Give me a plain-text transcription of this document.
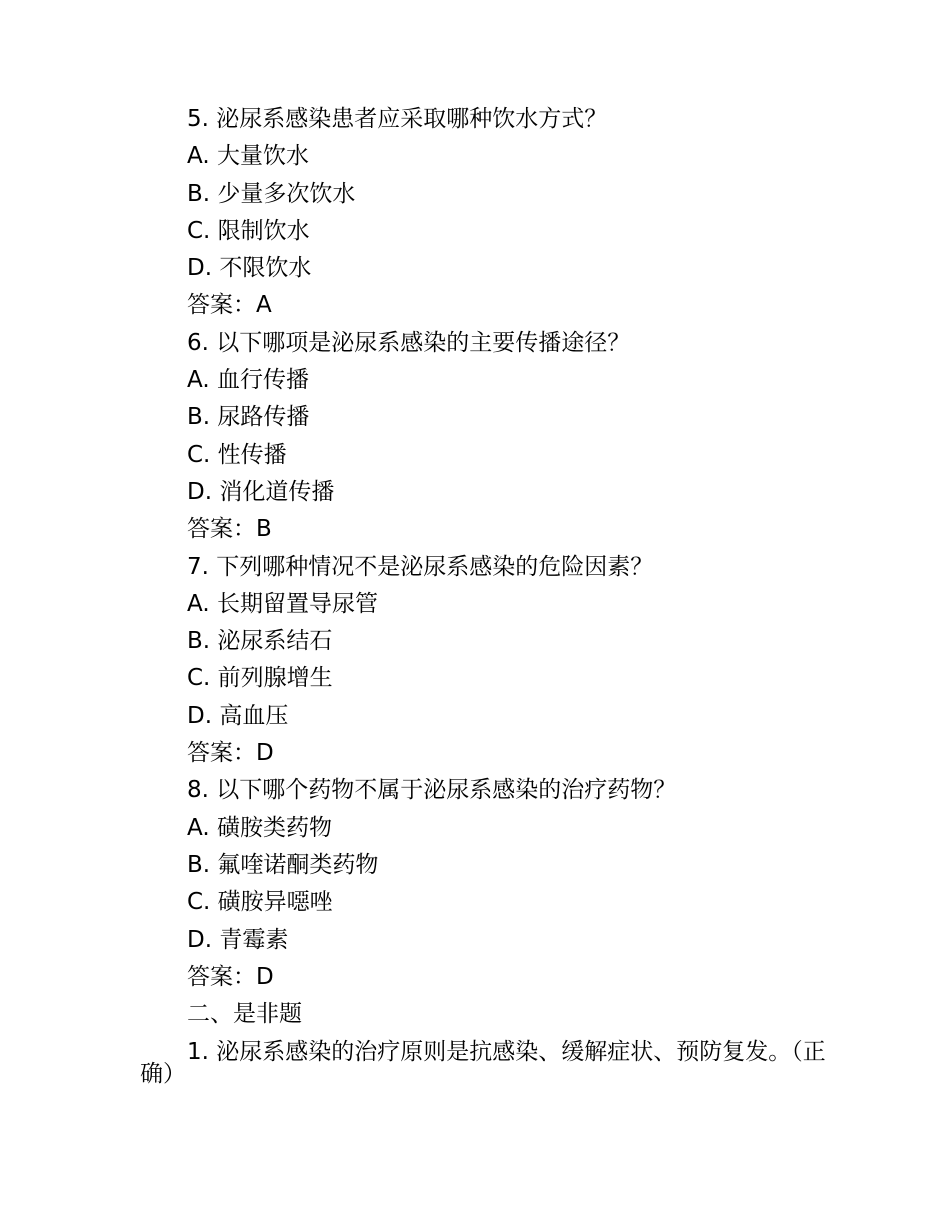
5. 泌尿系感染患者应采取哪种饮水方式？
A. 大量饮水
B. 少量多次饮水
C. 限制饮水
D. 不限饮水
答案：A
6. 以下哪项是泌尿系感染的主要传播途径？
A. 血行传播
B. 尿路传播
C. 性传播
D. 消化道传播
答案：B
7. 下列哪种情况不是泌尿系感染的危险因素？
A. 长期留置导尿管
B. 泌尿系结石
C. 前列腺增生
D. 高血压
答案：D
8. 以下哪个药物不属于泌尿系感染的治疗药物？
A. 磺胺类药物
B. 氟喹诺酮类药物
C. 磺胺异噁唑
D. 青霉素
答案：D
二、是非题
1. 泌尿系感染的治疗原则是抗感染、缓解症状、预防复发。（正确）
